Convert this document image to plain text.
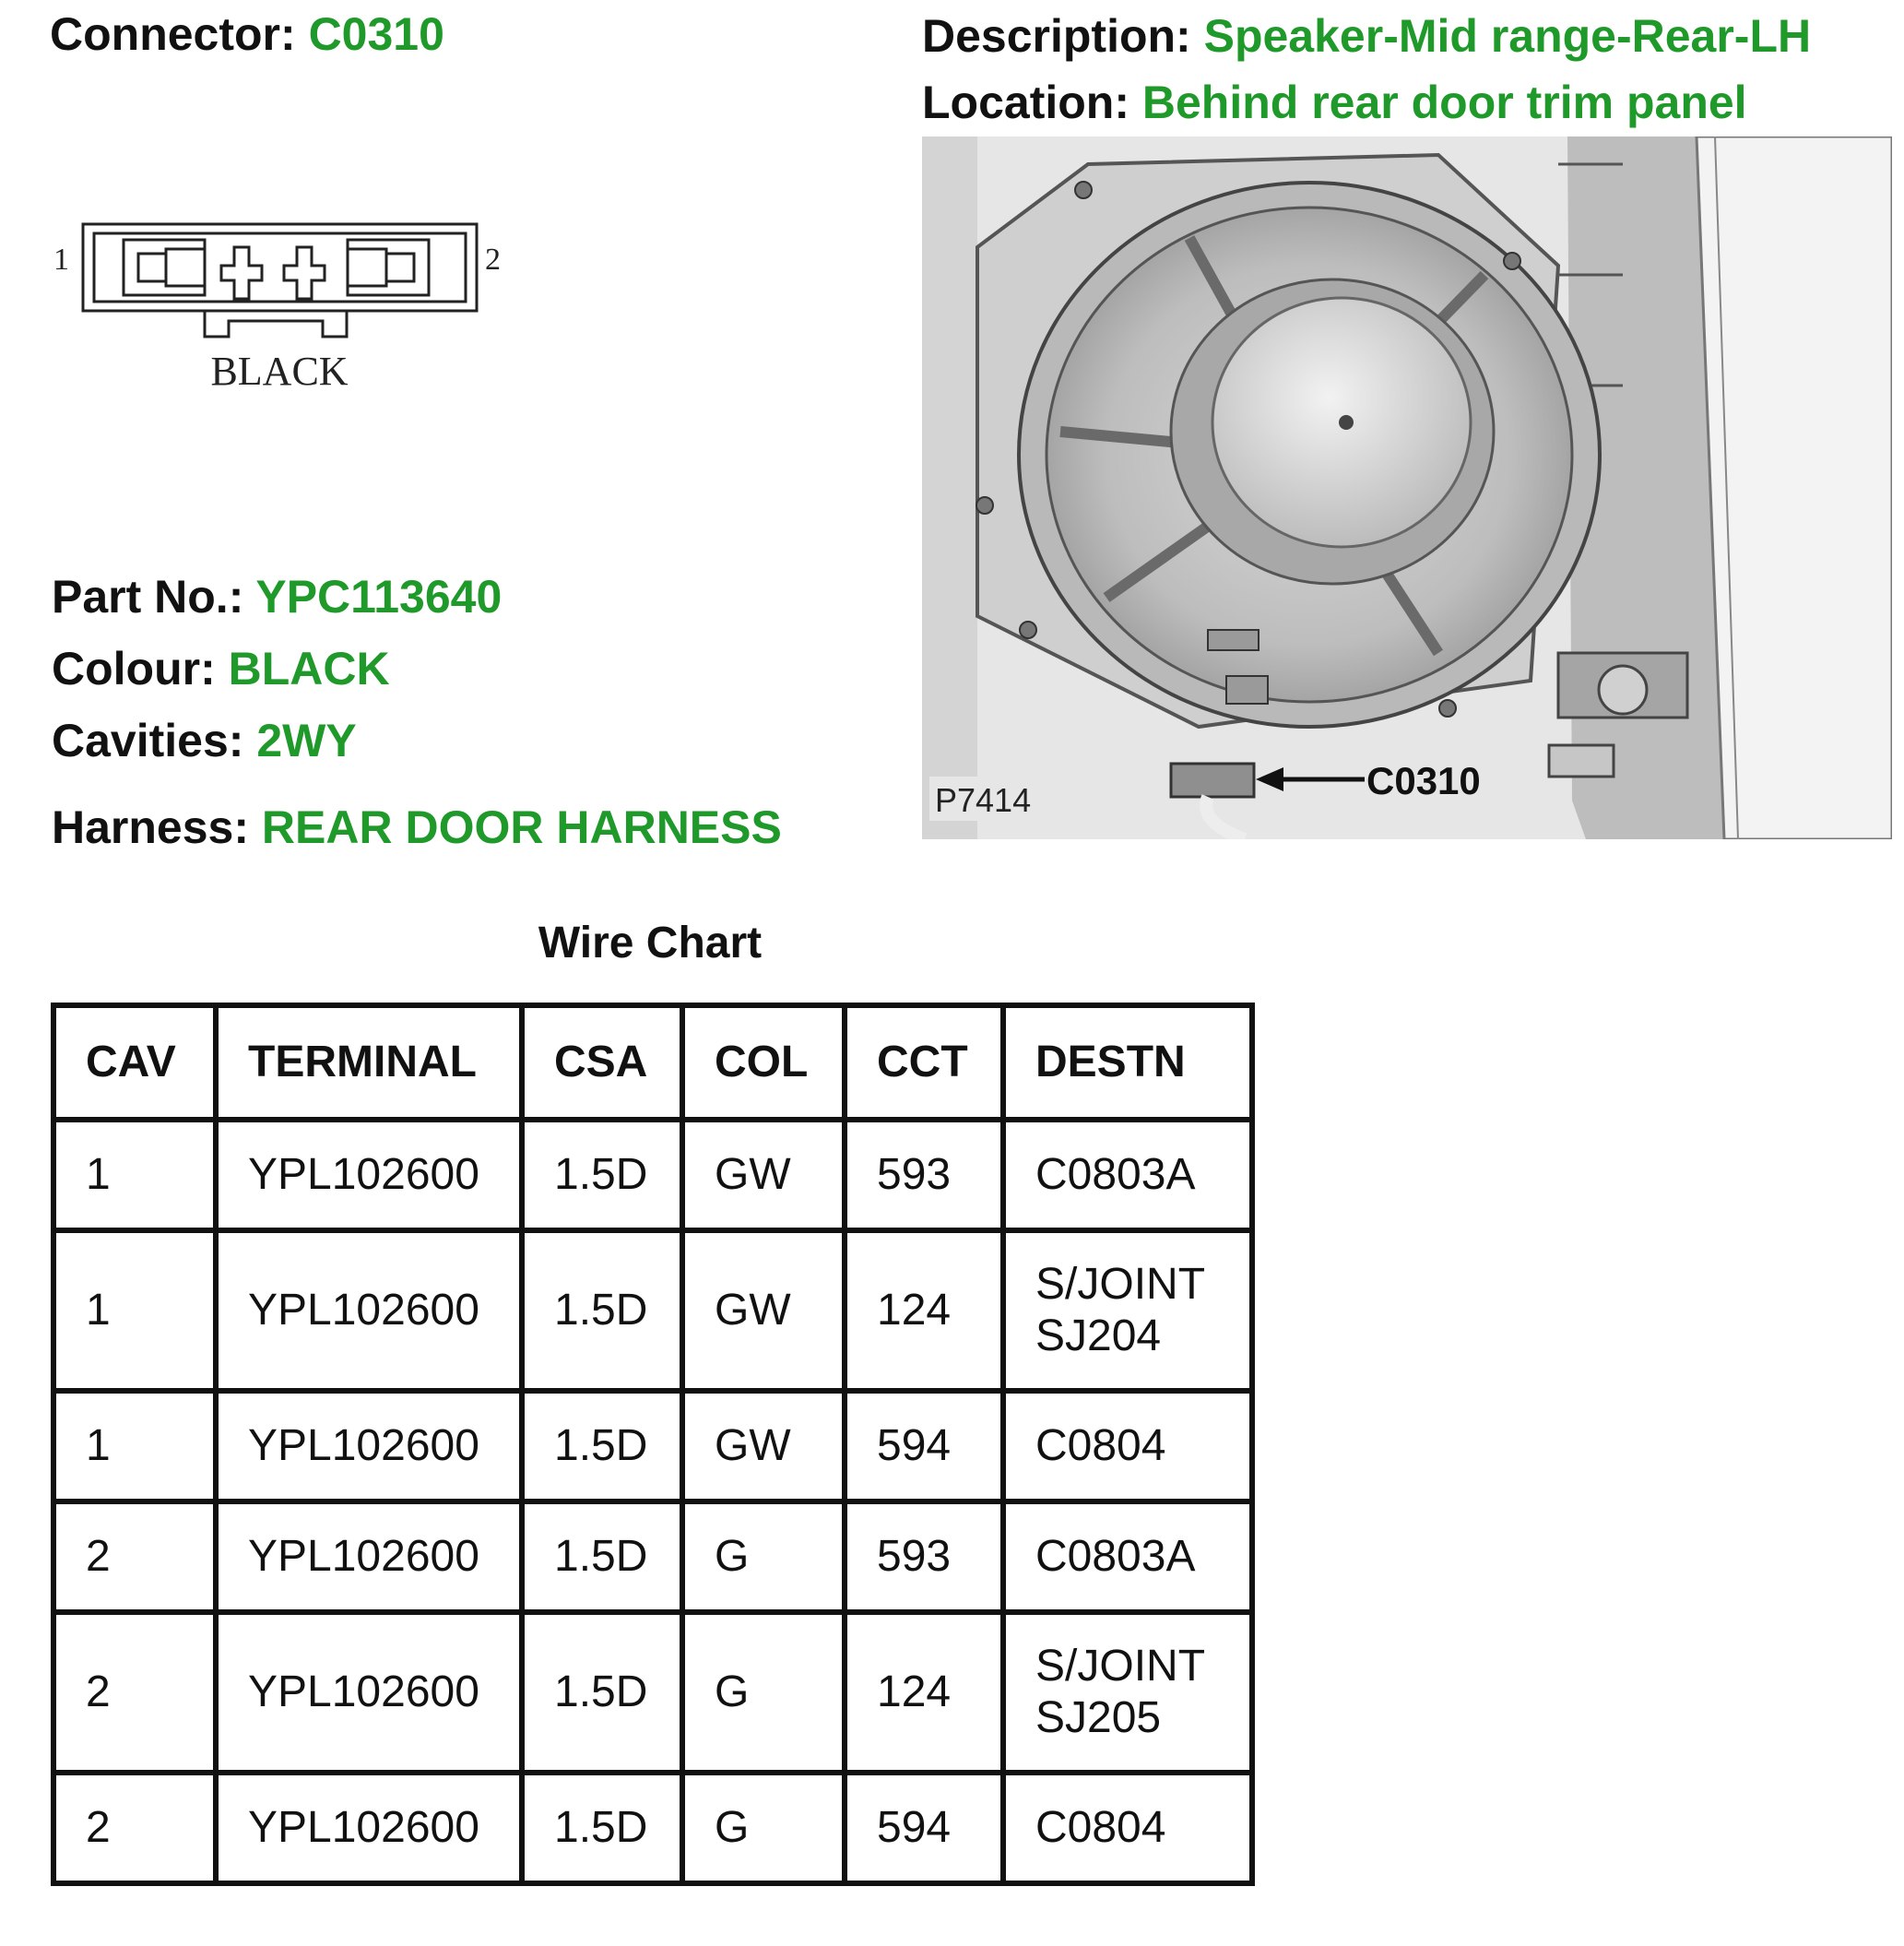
Connector: C0310	Description: Speaker-Mid range-Rear-LH
Location: Behind rear door trim panel
1	2
BLACK
Part No.: YPC113640
Colour: BLACK
Cavities: 2WY
Harness: REAR DOOR HARNESS
C0310
P7414
Wire Chart
CAV	TERMINAL	CSA	COL	CCT	DESTN
1	YPL102600	1.5D	GW	593	C0803A

1	YPL102600	1.5D	GW	124	S/JOINT
SJ204

1	YPL102600	1.5D	GW	594	C0804

2	YPL102600	1.5D	G	593	C0803A

2	YPL102600	1.5D	G	124	S/JOINT
SJ205

2	YPL102600	1.5D	G	594	C0804
